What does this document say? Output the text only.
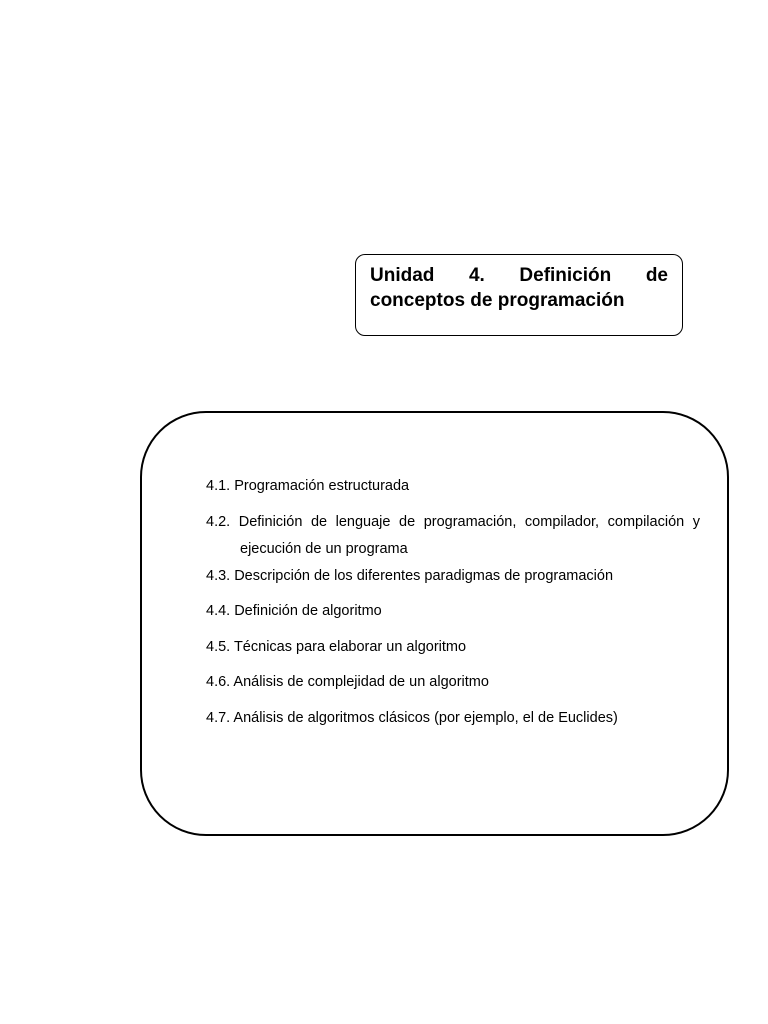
Unidad 4. Definición de conceptos de programación
4.1. Programación estructurada
4.2. Definición de lenguaje de programación, compilador, compilación y ejecución de un programa
4.3. Descripción de los diferentes paradigmas de programación
4.4. Definición de algoritmo
4.5. Técnicas para elaborar un algoritmo
4.6. Análisis de complejidad de un algoritmo
4.7. Análisis de algoritmos clásicos (por ejemplo, el de Euclides)
